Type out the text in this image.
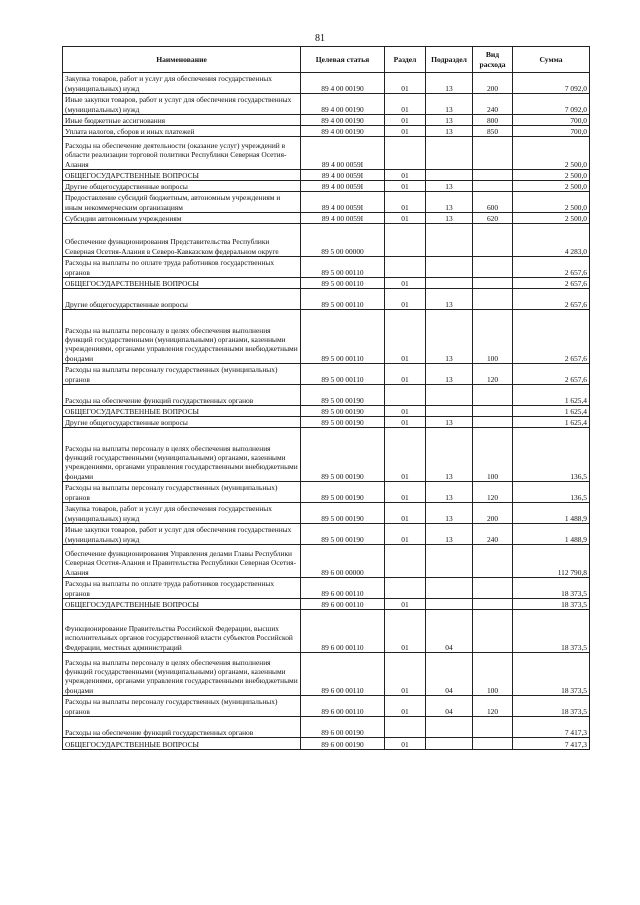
81
Наименование	Целевая статья	Раздел	Подраздел	Вид расхода	Сумма
Закупка товаров, работ и услуг для обеспечения государственных (муниципальных) нужд	89 4 00 00190	01	13	200	7 092,0
Иные закупки товаров, работ и услуг для обеспечения государственных (муниципальных) нужд	89 4 00 00190	01	13	240	7 092,0
Иные бюджетные ассигнования	89 4 00 00190	01	13	800	700,0
Уплата налогов, сборов и иных платежей	89 4 00 00190	01	13	850	700,0
Расходы на обеспечение деятельности (оказание услуг) учреждений в области реализации торговой политики Республики Северная Осетия-Алания	89 4 00 0059I				2 500,0
ОБЩЕГОСУДАРСТВЕННЫЕ ВОПРОСЫ	89 4 00 0059I	01			2 500,0
Другие общегосударственные вопросы	89 4 00 0059I	01	13		2 500,0
Предоставление субсидий бюджетным, автономным учреждениям и иным некоммерческим организациям	89 4 00 0059I	01	13	600	2 500,0
Субсидии автономным учреждениям	89 4 00 0059I	01	13	620	2 500,0
Обеспечение функционирования Представительства Республики Северная Осетия-Алания в Северо-Кавказском федеральном округе	89 5 00 00000				4 283,0
Расходы на выплаты по оплате труда работников государственных органов	89 5 00 00110				2 657,6
ОБЩЕГОСУДАРСТВЕННЫЕ ВОПРОСЫ	89 5 00 00110	01			2 657,6
Другие общегосударственные вопросы	89 5 00 00110	01	13		2 657,6
Расходы на выплаты персоналу в целях обеспечения выполнения функций государственными (муниципальными) органами, казенными учреждениями, органами управления государственными внебюджетными фондами	89 5 00 00110	01	13	100	2 657,6
Расходы на выплаты персоналу государственных (муниципальных) органов	89 5 00 00110	01	13	120	2 657,6
Расходы на обеспечение функций государственных органов	89 5 00 00190				1 625,4
ОБЩЕГОСУДАРСТВЕННЫЕ ВОПРОСЫ	89 5 00 00190	01			1 625,4
Другие общегосударственные вопросы	89 5 00 00190	01	13		1 625,4
Расходы на выплаты персоналу в целях обеспечения выполнения функций государственными (муниципальными) органами, казенными учреждениями, органами управления государственными внебюджетными фондами	89 5 00 00190	01	13	100	136,5
Расходы на выплаты персоналу государственных (муниципальных) органов	89 5 00 00190	01	13	120	136,5
Закупка товаров, работ и услуг для обеспечения государственных (муниципальных) нужд	89 5 00 00190	01	13	200	1 488,9
Иные закупки товаров, работ и услуг для обеспечения государственных (муниципальных) нужд	89 5 00 00190	01	13	240	1 488,9
Обеспечение функционирования Управления делами Главы Республики Северная Осетия-Алания и Правительства Республики Северная Осетия-Алания	89 6 00 00000				112 790,8
Расходы на выплаты по оплате труда работников государственных органов	89 6 00 00110				18 373,5
ОБЩЕГОСУДАРСТВЕННЫЕ ВОПРОСЫ	89 6 00 00110	01			18 373,5
Функционирование Правительства Российской Федерации, высших исполнительных органов государственной власти субъектов Российской Федерации, местных администраций	89 6 00 00110	01	04		18 373,5
Расходы на выплаты персоналу в целях обеспечения выполнения функций государственными (муниципальными) органами, казенными учреждениями, органами управления государственными внебюджетными фондами	89 6 00 00110	01	04	100	18 373,5
Расходы на выплаты персоналу государственных (муниципальных) органов	89 6 00 00110	01	04	120	18 373,5
Расходы на обеспечение функций государственных органов	89 6 00 00190				7 417,3
ОБЩЕГОСУДАРСТВЕННЫЕ ВОПРОСЫ	89 6 00 00190	01			7 417,3
